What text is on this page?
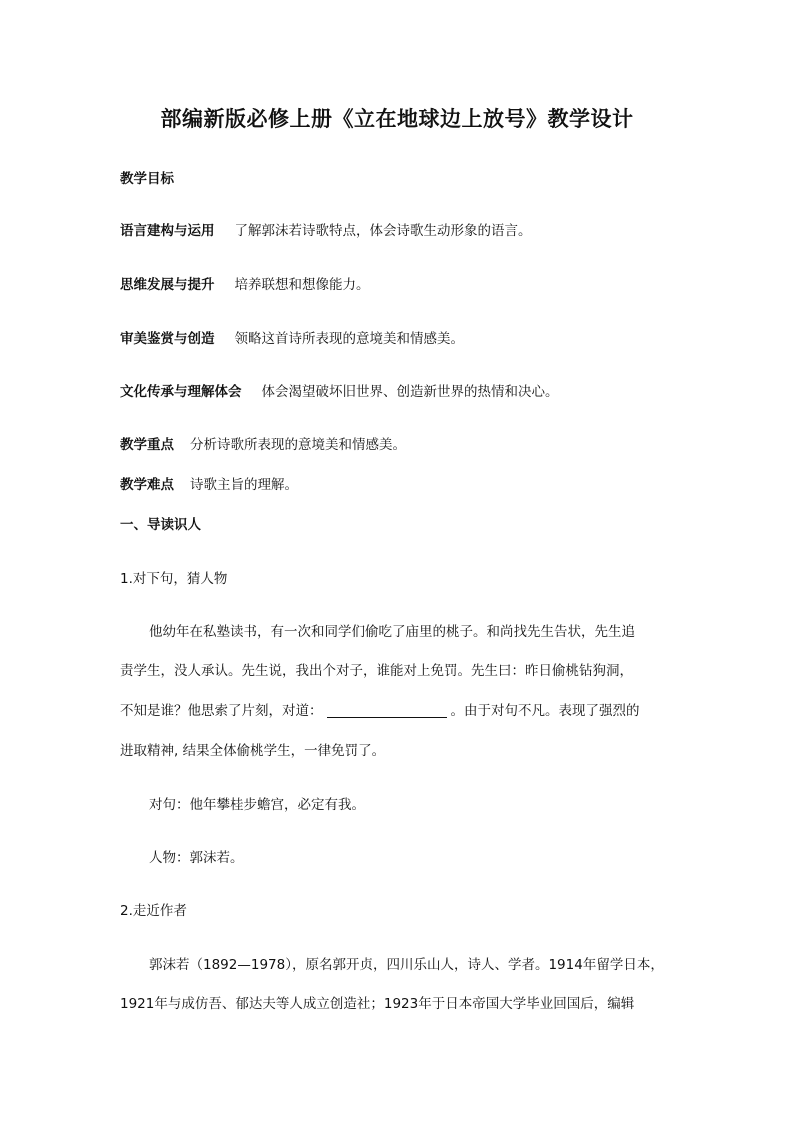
部编新版必修上册《立在地球边上放号》教学设计
教学目标
语言建构与运用 了解郭沫若诗歌特点，体会诗歌生动形象的语言。
思维发展与提升 培养联想和想像能力。
审美鉴赏与创造 领略这首诗所表现的意境美和情感美。
文化传承与理解体会 体会渴望破坏旧世界、创造新世界的热情和决心。
教学重点 分析诗歌所表现的意境美和情感美。
教学难点 诗歌主旨的理解。
一、导读识人
1.对下句，猜人物
他幼年在私塾读书，有一次和同学们偷吃了庙里的桃子。和尚找先生告状，先生追
责学生，没人承认。先生说，我出个对子，谁能对上免罚。先生曰：昨日偷桃钻狗洞，
不知是谁？他思索了片刻，对道：	。由于对句不凡。表现了强烈的
进取精神, 结果全体偷桃学生，一律免罚了。
对句：他年攀桂步蟾宫，必定有我。
人物：郭沫若。
2.走近作者
郭沫若（1892—1978），原名郭开贞，四川乐山人，诗人、学者。1914年留学日本，
1921年与成仿吾、郁达夫等人成立创造社；1923年于日本帝国大学毕业回国后，编辑
